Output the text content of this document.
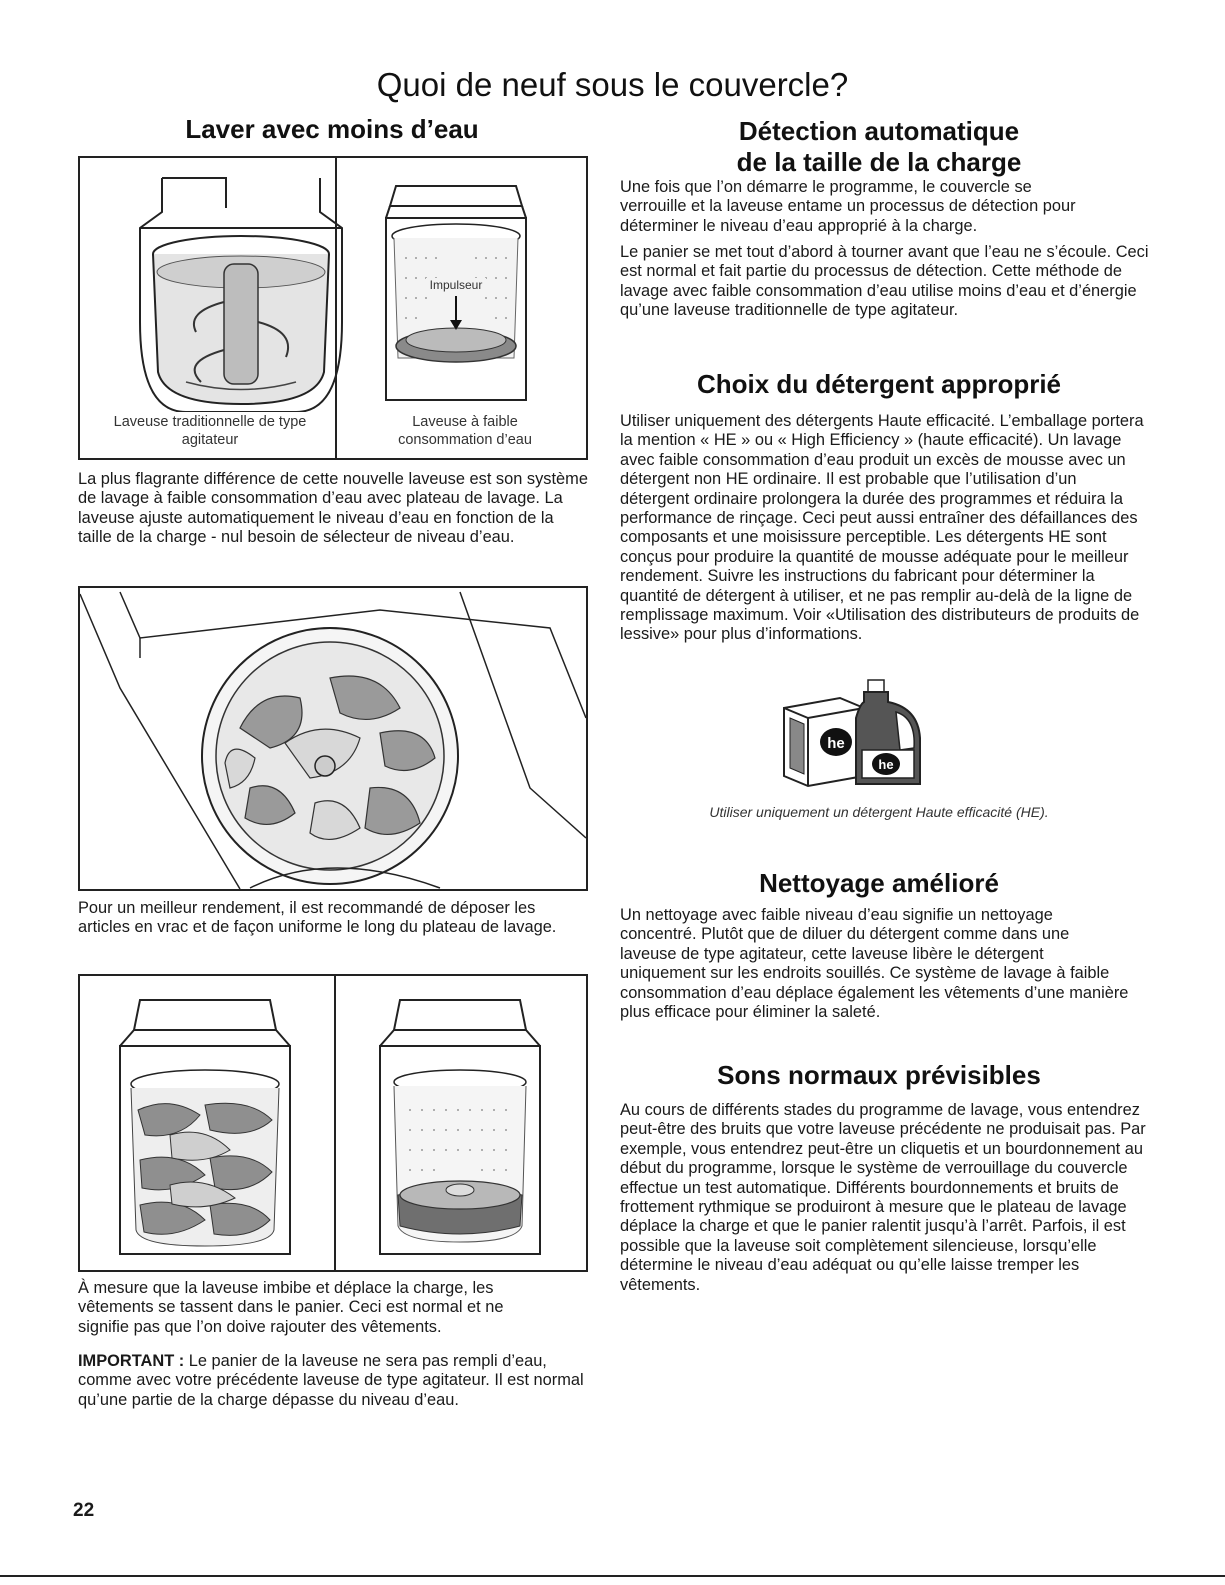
Quoi de neuf sous le couvercle?
Laver avec moins d’eau
Impulseur
Laveuse traditionnelle de type agitateur
Laveuse à faible consommation d’eau

La plus flagrante différence de cette nouvelle laveuse est son système de lavage à faible consommation d’eau avec plateau de lavage. La laveuse ajuste automatiquement le niveau d’eau en fonction de la taille de la charge - nul besoin de sélecteur de niveau d’eau.

Pour un meilleur rendement, il est recommandé de déposer les articles en vrac et de façon uniforme le long du plateau de lavage.

À mesure que la laveuse imbibe et déplace la charge, les vêtements se tassent dans le panier. Ceci est normal et ne signifie pas que l’on doive rajouter des vêtements.

IMPORTANT : Le panier de la laveuse ne sera pas rempli d’eau, comme avec votre précédente laveuse de type agitateur. Il est normal qu’une partie de la charge dépasse du niveau d’eau.

Détection automatique
de la taille de la charge

Une fois que l’on démarre le programme, le couvercle se verrouille et la laveuse entame un processus de détection pour déterminer le niveau d’eau approprié à la charge.

Le panier se met tout d’abord à tourner avant que l’eau ne s’écoule. Ceci est normal et fait partie du processus de détection. Cette méthode de lavage avec faible consommation d’eau utilise moins d’eau et d’énergie qu’une laveuse traditionnelle de type agitateur.

Choix du détergent approprié

Utiliser uniquement des détergents Haute efficacité. L’emballage portera la mention « HE » ou « High Efficiency » (haute efficacité). Un lavage avec faible consommation d’eau produit un excès de mousse avec un détergent non HE ordinaire. Il est probable que l’utilisation d’un détergent ordinaire prolongera la durée des programmes et réduira la performance de rinçage. Ceci peut aussi entraîner des défaillances des composants et une moisissure perceptible. Les détergents HE sont conçus pour produire la quantité de mousse adéquate pour le meilleur rendement. Suivre les instructions du fabricant pour déterminer la quantité de détergent à utiliser, et ne pas remplir au-delà de la ligne de remplissage maximum. Voir «Utilisation des distributeurs de produits de lessive» pour plus d’informations.

he
he

Utiliser uniquement un détergent Haute efficacité (HE).

Nettoyage amélioré

Un nettoyage avec faible niveau d’eau signifie un nettoyage concentré. Plutôt que de diluer du détergent comme dans une laveuse de type agitateur, cette laveuse libère le détergent uniquement sur les endroits souillés. Ce système de lavage à faible consommation d’eau déplace également les vêtements d’une manière plus efficace pour éliminer la saleté.

Sons normaux prévisibles

Au cours de différents stades du programme de lavage, vous entendrez peut-être des bruits que votre laveuse précédente ne produisait pas. Par exemple, vous entendrez peut-être un cliquetis et un bourdonnement au début du programme, lorsque le système de verrouillage du couvercle effectue un test automatique. Différents bourdonnements et bruits de frottement rythmique se produiront à mesure que le plateau de lavage déplace la charge et que le panier ralentit jusqu’à l’arrêt. Parfois, il est possible que la laveuse soit complètement silencieuse, lorsqu’elle détermine le niveau d’eau adéquat ou qu’elle laisse tremper les vêtements.

22
